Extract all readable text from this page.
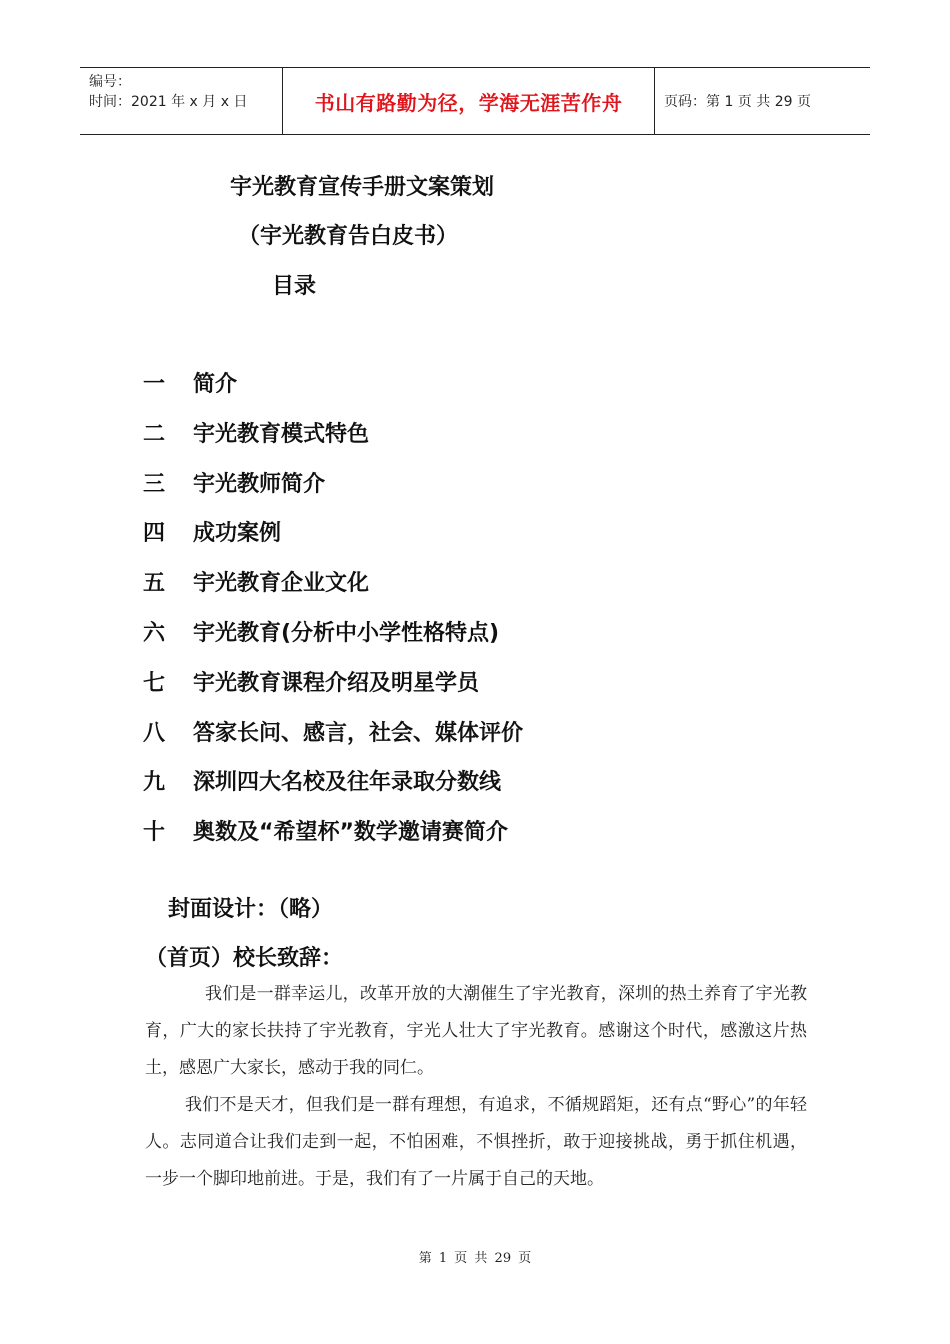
编号：
时间：2021 年 x 月 x 日	书山有路勤为径，学海无涯苦作舟	页码：第 1 页 共 29 页
宇光教育宣传手册文案策划
（宇光教育告白皮书）
目录
一	简介
二	宇光教育模式特色
三	宇光教师简介
四	成功案例
五	宇光教育企业文化
六	宇光教育(分析中小学性格特点)
七	宇光教育课程介绍及明星学员
八	答家长问、感言，社会、媒体评价
九	深圳四大名校及往年录取分数线
十	奥数及“希望杯”数学邀请赛简介
封面设计：（略）
（首页）校长致辞：

我们是一群幸运儿，改革开放的大潮催生了宇光教育，深圳的热土养育了宇光教育，广大的家长扶持了宇光教育，宇光人壮大了宇光教育。感谢这个时代，感激这片热土，感恩广大家长，感动于我的同仁。

我们不是天才，但我们是一群有理想，有追求，不循规蹈矩，还有点“野心”的年轻人。志同道合让我们走到一起，不怕困难，不惧挫折，敢于迎接挑战，勇于抓住机遇，一步一个脚印地前进。于是，我们有了一片属于自己的天地。

第 1 页 共 29 页
